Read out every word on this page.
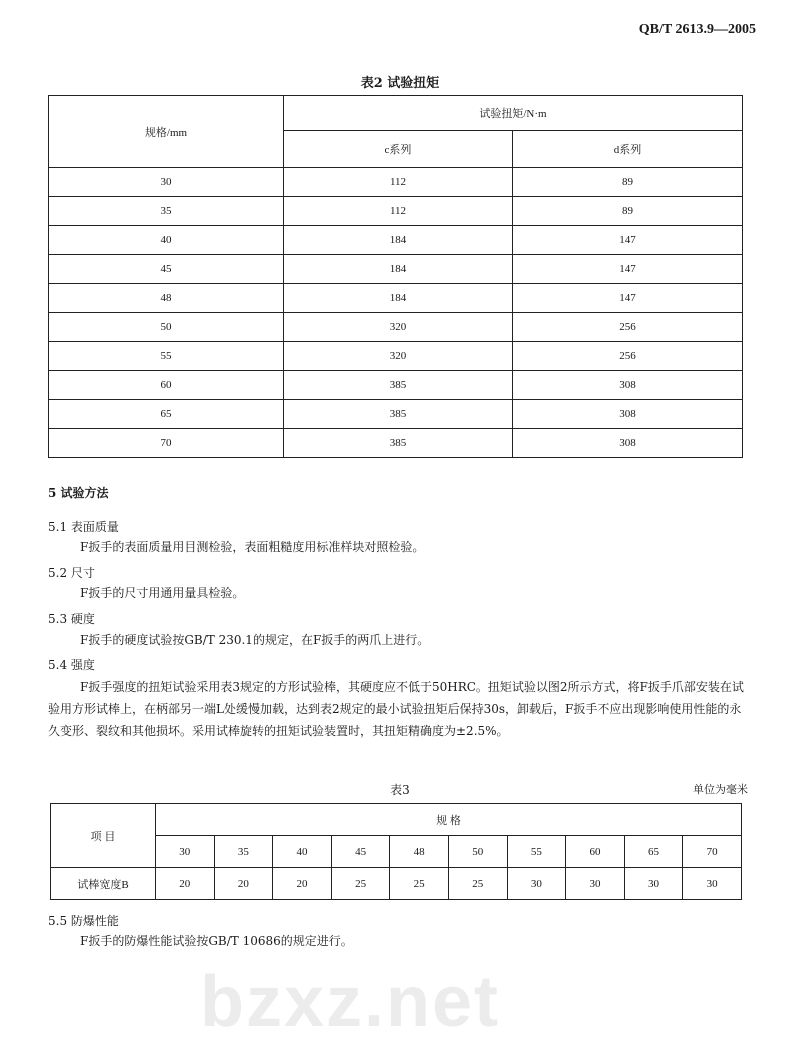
QB/T 2613.9—2005
表2 试验扭矩
规格/mm	试验扭矩/N·m	
	c系列	d系列
30	112	89
35	112	89
40	184	147
45	184	147
48	184	147
50	320	256
55	320	256
60	385	308
65	385	308
70	385	308
5 试验方法
5.1 表面质量
F扳手的表面质量用目测检验，表面粗糙度用标准样块对照检验。
5.2 尺寸
F扳手的尺寸用通用量具检验。
5.3 硬度
F扳手的硬度试验按GB/T 230.1的规定，在F扳手的两爪上进行。
5.4 强度
F扳手强度的扭矩试验采用表3规定的方形试验棒，其硬度应不低于50HRC。扭矩试验以图2所示方式，将F扳手爪部安装在试验用方形试棒上，在柄部另一端L处缓慢加载，达到表2规定的最小试验扭矩后保持30s，卸载后，F扳手不应出现影响使用性能的永久变形、裂纹和其他损坏。采用试棒旋转的扭矩试验装置时，其扭矩精确度为±2.5%。
表3	单位为毫米
项 目	规 格									
	30	35	40	45	48	50	55	60	65	70
试棒宽度B	20	20	20	25	25	25	30	30	30	30
5.5 防爆性能
F扳手的防爆性能试验按GB/T 10686的规定进行。
bzxz.net
